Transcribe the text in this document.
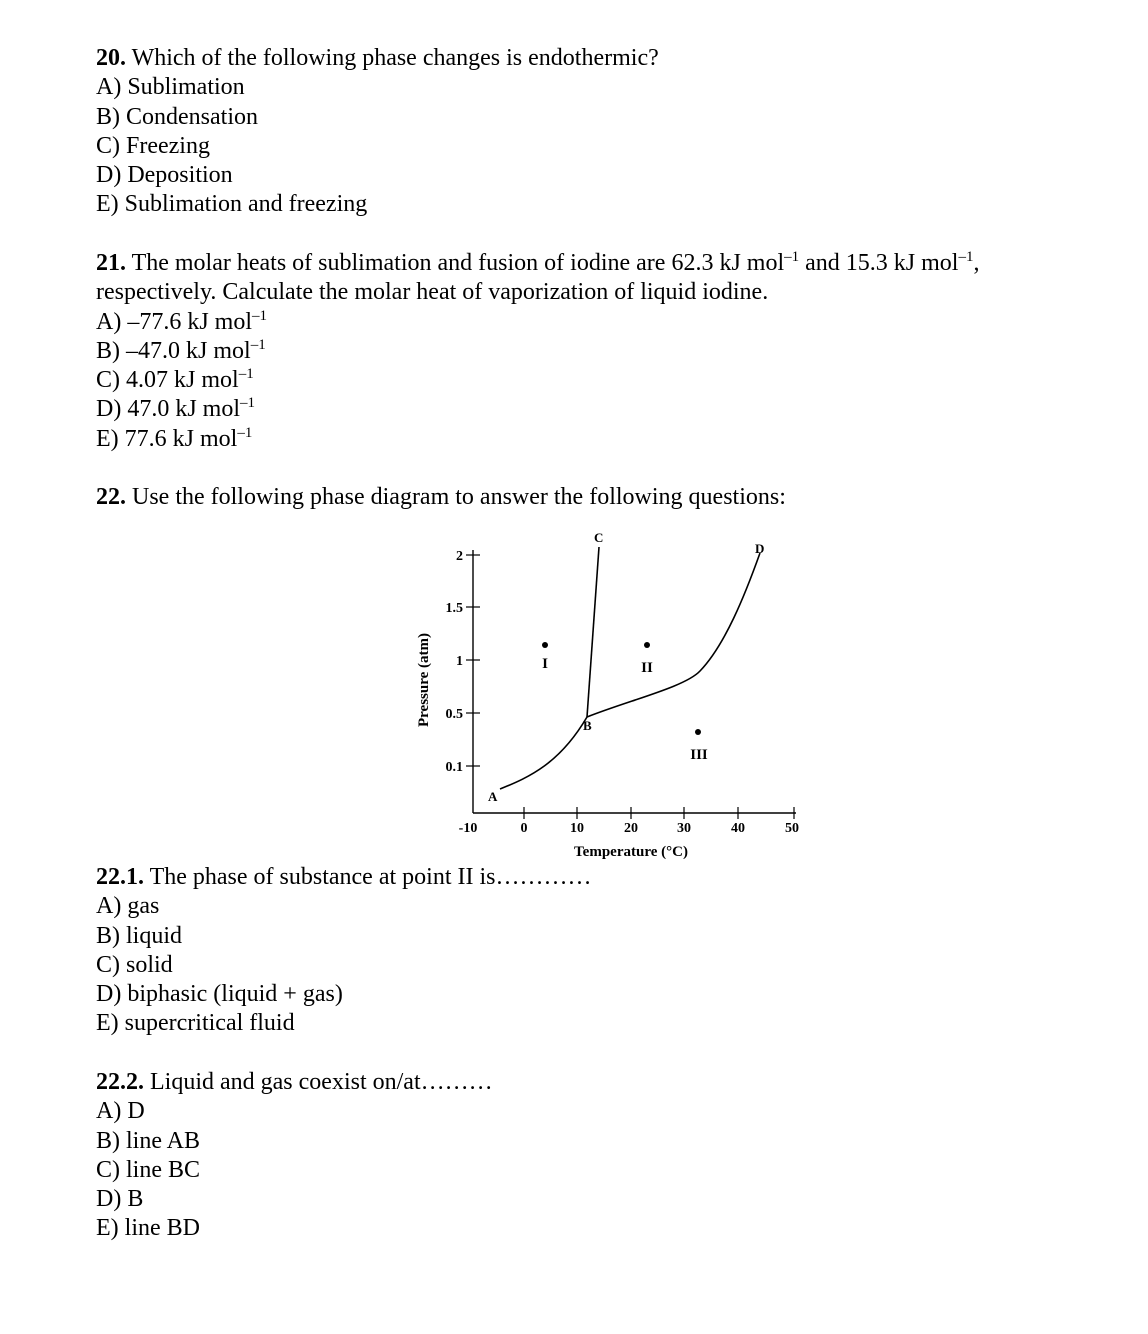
20. Which of the following phase changes is endothermic?
A) Sublimation
B) Condensation
C) Freezing
D) Deposition
E) Sublimation and freezing
21. The molar heats of sublimation and fusion of iodine are 62.3 kJ mol$^{-1}$ and 15.3 kJ mol$^{-1}$,
respectively. Calculate the molar heat of vaporization of liquid iodine.
A) –77.6 kJ mol$^{-1}$
B) –47.0 kJ mol$^{-1}$
C) 4.07 kJ mol$^{-1}$
D) 47.0 kJ mol$^{-1}$
E) 77.6 kJ mol$^{-1}$
22. Use the following phase diagram to answer the following questions:
2
1.5
1
0.5
0.1
-10	0	10	20	30	40	50
Temperature (°C)
Pressure (atm)
A
B
C
D
I	II
III
22.1. The phase of substance at point II is…………
A) gas
B) liquid
C) solid
D) biphasic (liquid + gas)
E) supercritical fluid
22.2. Liquid and gas coexist on/at………
A) D
B) line AB
C) line BC
D) B
E) line BD
